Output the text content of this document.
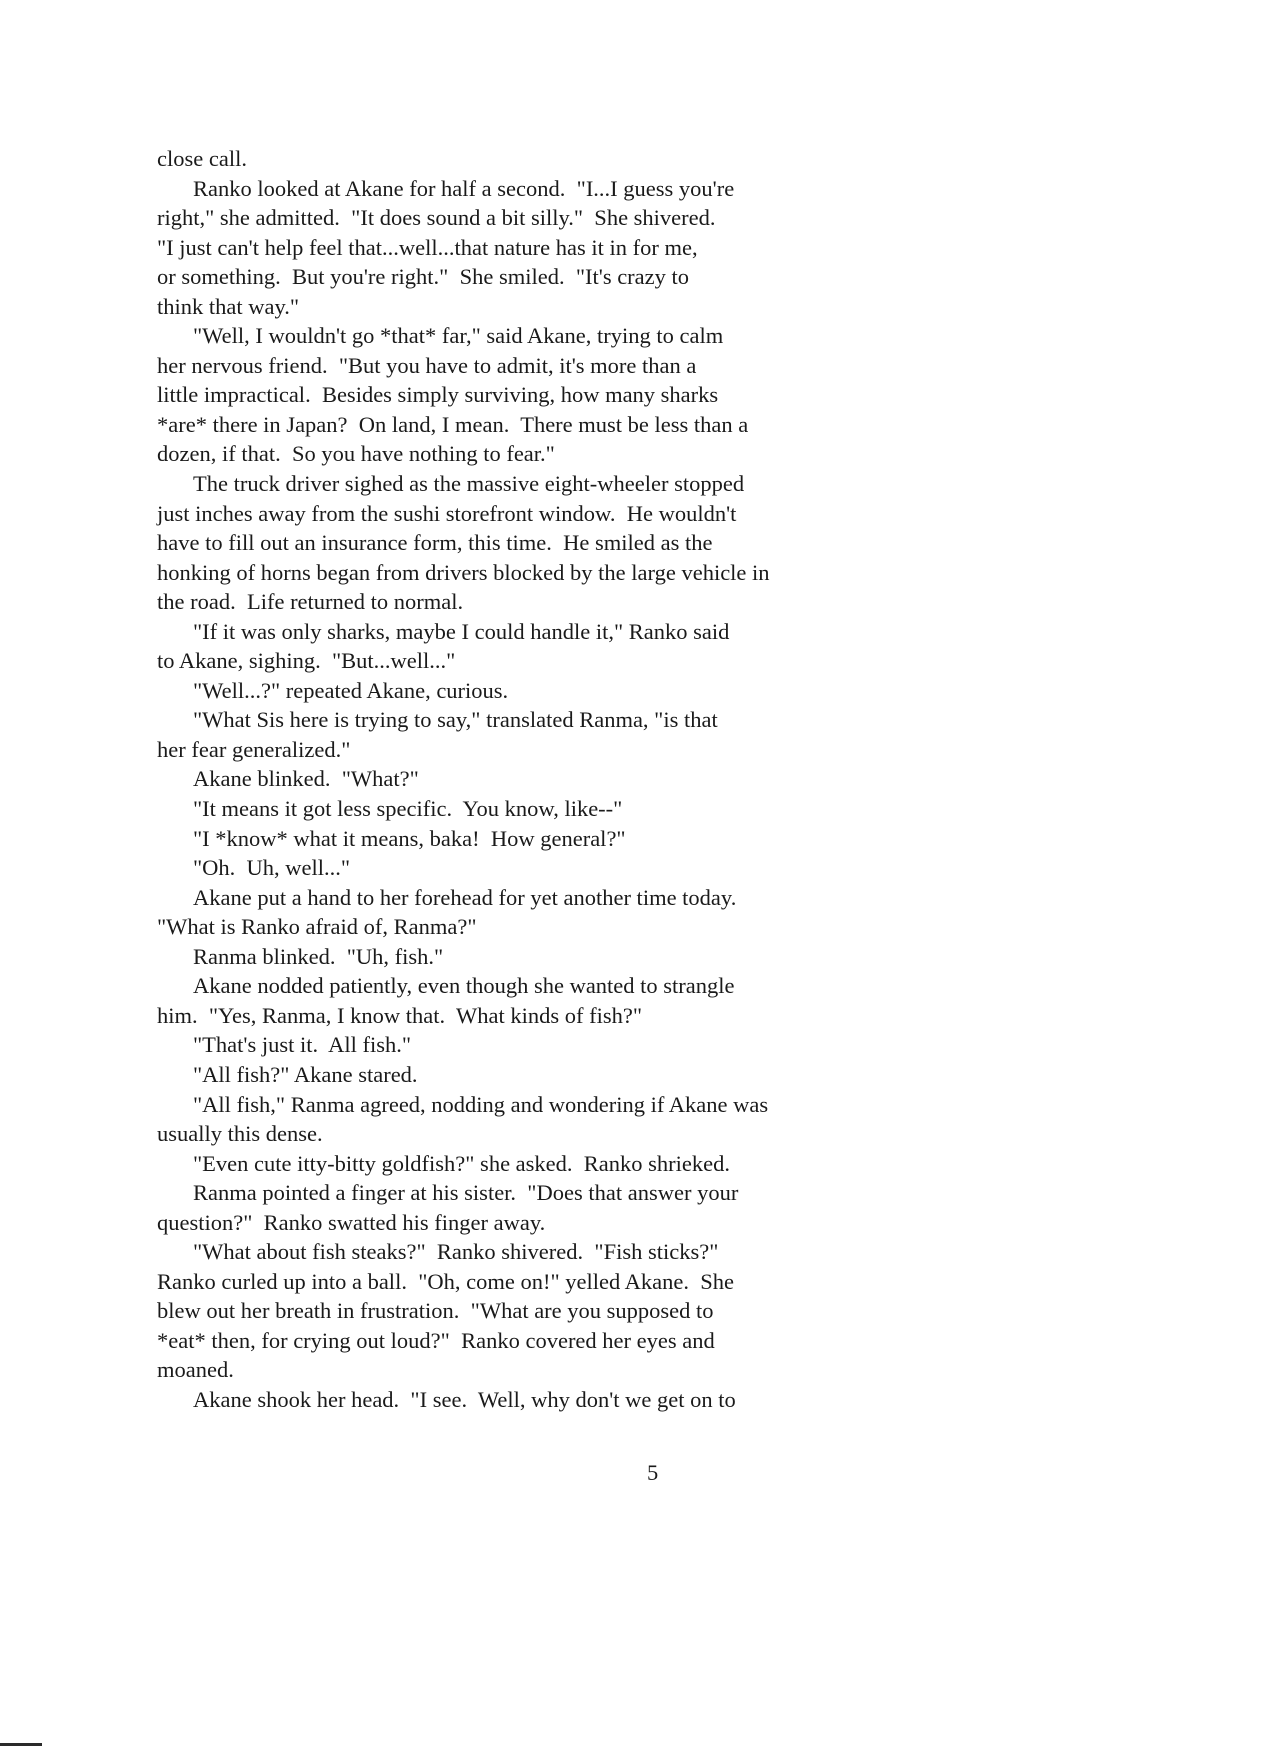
close call.
Ranko looked at Akane for half a second.  "I...I guess you're
right," she admitted.  "It does sound a bit silly."  She shivered.
"I just can't help feel that...well...that nature has it in for me,
or something.  But you're right."  She smiled.  "It's crazy to
think that way."
"Well, I wouldn't go *that* far," said Akane, trying to calm
her nervous friend.  "But you have to admit, it's more than a
little impractical.  Besides simply surviving, how many sharks
*are* there in Japan?  On land, I mean.  There must be less than a
dozen, if that.  So you have nothing to fear."
The truck driver sighed as the massive eight-wheeler stopped
just inches away from the sushi storefront window.  He wouldn't
have to fill out an insurance form, this time.  He smiled as the
honking of horns began from drivers blocked by the large vehicle in
the road.  Life returned to normal.
"If it was only sharks, maybe I could handle it," Ranko said
to Akane, sighing.  "But...well..."
"Well...?" repeated Akane, curious.
"What Sis here is trying to say," translated Ranma, "is that
her fear generalized."
Akane blinked.  "What?"
"It means it got less specific.  You know, like--"
"I *know* what it means, baka!  How general?"
"Oh.  Uh, well..."
Akane put a hand to her forehead for yet another time today.
"What is Ranko afraid of, Ranma?"
Ranma blinked.  "Uh, fish."
Akane nodded patiently, even though she wanted to strangle
him.  "Yes, Ranma, I know that.  What kinds of fish?"
"That's just it.  All fish."
"All fish?" Akane stared.
"All fish," Ranma agreed, nodding and wondering if Akane was
usually this dense.
"Even cute itty-bitty goldfish?" she asked.  Ranko shrieked.
Ranma pointed a finger at his sister.  "Does that answer your
question?"  Ranko swatted his finger away.
"What about fish steaks?"  Ranko shivered.  "Fish sticks?"
Ranko curled up into a ball.  "Oh, come on!" yelled Akane.  She
blew out her breath in frustration.  "What are you supposed to
*eat* then, for crying out loud?"  Ranko covered her eyes and
moaned.
Akane shook her head.  "I see.  Well, why don't we get on to
5
